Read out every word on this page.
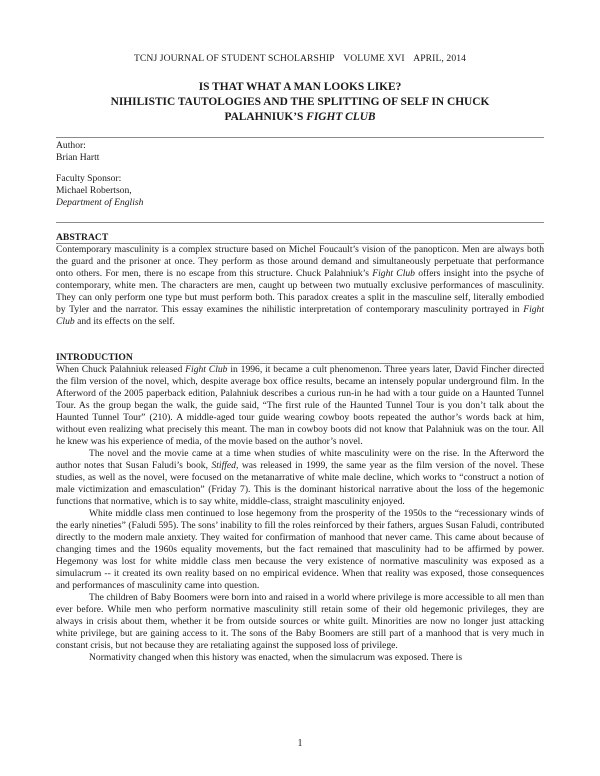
TCNJ JOURNAL OF STUDENT SCHOLARSHIP VOLUME XVI APRIL, 2014
IS THAT WHAT A MAN LOOKS LIKE?
NIHILISTIC TAUTOLOGIES AND THE SPLITTING OF SELF IN CHUCK
PALAHNIUK’S FIGHT CLUB
Author:
Brian Hartt
Faculty Sponsor:
Michael Robertson,
Department of English
ABSTRACT

Contemporary masculinity is a complex structure based on Michel Foucault’s vision of the panopticon. Men are always both the guard and the prisoner at once. They perform as those around demand and simultaneously perpetuate that performance onto others. For men, there is no escape from this structure. Chuck Palahniuk’s Fight Club offers insight into the psyche of contemporary, white men. The characters are men, caught up between two mutually exclusive performances of masculinity. They can only perform one type but must perform both. This paradox creates a split in the masculine self, literally embodied by Tyler and the narrator. This essay examines the nihilistic interpretation of contemporary masculinity portrayed in Fight Club and its effects on the self.

INTRODUCTION

When Chuck Palahniuk released Fight Club in 1996, it became a cult phenomenon. Three years later, David Fincher directed the film version of the novel, which, despite average box office results, became an intensely popular underground film. In the Afterword of the 2005 paperback edition, Palahniuk describes a curious run-in he had with a tour guide on a Haunted Tunnel Tour. As the group began the walk, the guide said, “The first rule of the Haunted Tunnel Tour is you don’t talk about the Haunted Tunnel Tour” (210). A middle-aged tour guide wearing cowboy boots repeated the author’s words back at him, without even realizing what precisely this meant. The man in cowboy boots did not know that Palahniuk was on the tour. All he knew was his experience of media, of the movie based on the author’s novel.

The novel and the movie came at a time when studies of white masculinity were on the rise. In the Afterword the author notes that Susan Faludi’s book, Stiffed, was released in 1999, the same year as the film version of the novel. These studies, as well as the novel, were focused on the metanarrative of white male decline, which works to “construct a notion of male victimization and emasculation” (Friday 7). This is the dominant historical narrative about the loss of the hegemonic functions that normative, which is to say white, middle-class, straight masculinity enjoyed.

White middle class men continued to lose hegemony from the prosperity of the 1950s to the “recessionary winds of the early nineties” (Faludi 595). The sons’ inability to fill the roles reinforced by their fathers, argues Susan Faludi, contributed directly to the modern male anxiety. They waited for confirmation of manhood that never came. This came about because of changing times and the 1960s equality movements, but the fact remained that masculinity had to be affirmed by power. Hegemony was lost for white middle class men because the very existence of normative masculinity was exposed as a simulacrum -- it created its own reality based on no empirical evidence. When that reality was exposed, those consequences and performances of masculinity came into question.

The children of Baby Boomers were born into and raised in a world where privilege is more accessible to all men than ever before. While men who perform normative masculinity still retain some of their old hegemonic privileges, they are always in crisis about them, whether it be from outside sources or white guilt. Minorities are now no longer just attacking white privilege, but are gaining access to it. The sons of the Baby Boomers are still part of a manhood that is very much in constant crisis, but not because they are retaliating against the supposed loss of privilege.

Normativity changed when this history was enacted, when the simulacrum was exposed. There is

1
